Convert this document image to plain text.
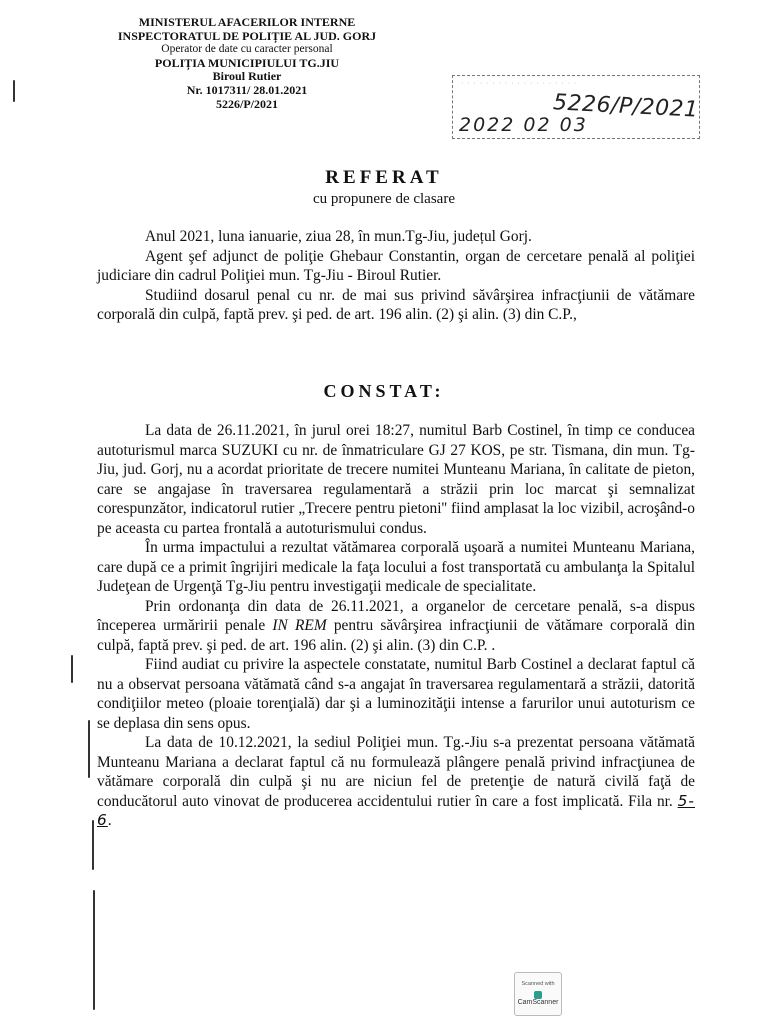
MINISTERUL AFACERILOR INTERNE
INSPECTORATUL DE POLIȚIE AL JUD. GORJ
Operator de date cu caracter personal
POLIȚIA MUNICIPIULUI TG.JIU
Biroul Rutier
Nr. 1017311/ 28.01.2021
5226/P/2021
· · · · · · · · · · · · · · · · · · ·
5226/P/2021
2022 02 03
REFERAT
cu propunere de clasare

Anul 2021, luna ianuarie, ziua 28, în mun.Tg-Jiu, județul Gorj.

Agent şef adjunct de poliţie Ghebaur Constantin, organ de cercetare penală al poliţiei judiciare din cadrul Poliţiei mun. Tg-Jiu - Biroul Rutier.

Studiind dosarul penal cu nr. de mai sus privind săvârşirea infracţiunii de vătămare corporală din culpă, faptă prev. şi ped. de art. 196 alin. (2) şi alin. (3) din C.P.,

CONSTAT:

La data de 26.11.2021, în jurul orei 18:27, numitul Barb Costinel, în timp ce conducea autoturismul marca SUZUKI cu nr. de înmatriculare GJ 27 KOS, pe str. Tismana, din mun. Tg-Jiu, jud. Gorj, nu a acordat prioritate de trecere numitei Munteanu Mariana, în calitate de pieton, care se angajase în traversarea regulamentară a străzii prin loc marcat şi semnalizat corespunzător, indicatorul rutier „Trecere pentru pietoni'' fiind amplasat la loc vizibil, acroşând-o pe aceasta cu partea frontală a autoturismului condus.

În urma impactului a rezultat vătămarea corporală uşoară a numitei Munteanu Mariana, care după ce a primit îngrijiri medicale la faţa locului a fost transportată cu ambulanţa la Spitalul Judeţean de Urgenţă Tg-Jiu pentru investigaţii medicale de specialitate.

Prin ordonanţa din data de 26.11.2021, a organelor de cercetare penală, s-a dispus începerea urmăririi penale IN REM pentru săvârşirea infracţiunii de vătămare corporală din culpă, faptă prev. şi ped. de art. 196 alin. (2) şi alin. (3) din C.P. .

Fiind audiat cu privire la aspectele constatate, numitul Barb Costinel a declarat faptul că nu a observat persoana vătămată când s-a angajat în traversarea regulamentară a străzii, datorită condiţiilor meteo (ploaie torenţială) dar şi a luminozităţii intense a farurilor unui autoturism ce se deplasa din sens opus.

La data de 10.12.2021, la sediul Poliţiei mun. Tg.-Jiu s-a prezentat persoana vătămată Munteanu Mariana a declarat faptul că nu formulează plângere penală privind infracţiunea de vătămare corporală din culpă şi nu are niciun fel de pretenţie de natură civilă faţă de conducătorul auto vinovat de producerea accidentului rutier în care a fost implicată. Fila nr. 5-6.

Scanned with
CamScanner
